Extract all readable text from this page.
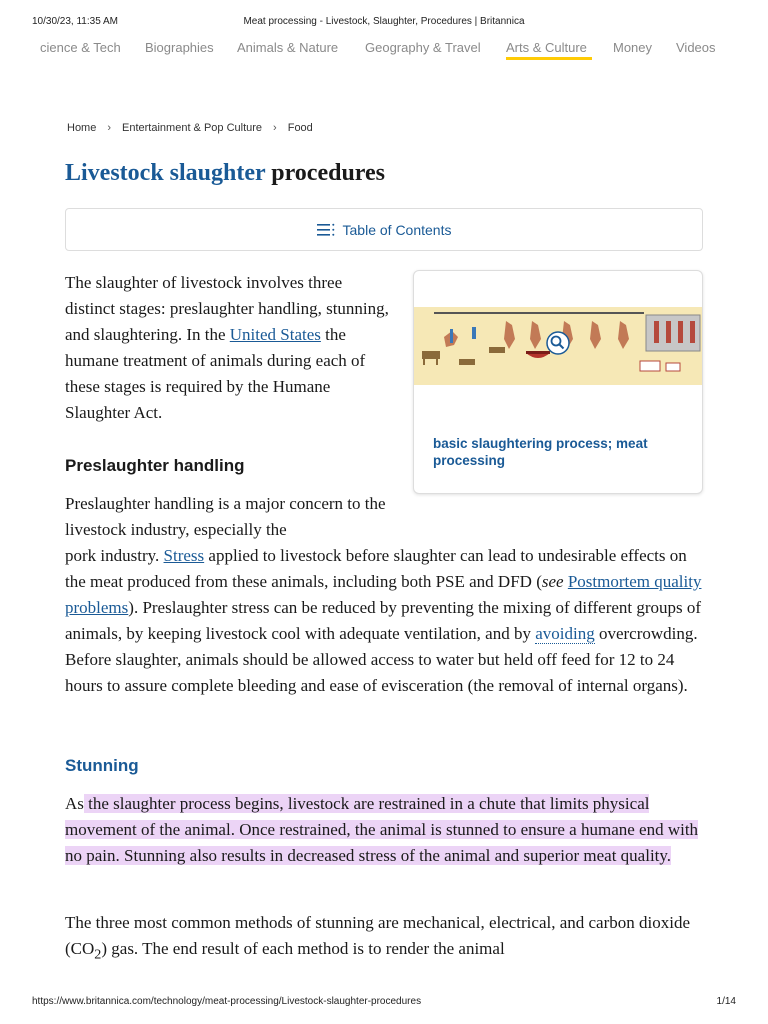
10/30/23, 11:35 AM	Meat processing - Livestock, Slaughter, Procedures | Britannica
cience & Tech Biographies Animals & Nature Geography & Travel Arts & Culture Money Videos
Home › Entertainment & Pop Culture › Food
Livestock slaughter procedures
Table of Contents

The slaughter of livestock involves three distinct stages: preslaughter handling, stunning, and slaughtering. In the United States the humane treatment of animals during each of these stages is required by the Humane Slaughter Act.

basic slaughtering process; meat processing
Preslaughter handling

Preslaughter handling is a major concern to the livestock industry, especially the
pork industry. Stress applied to livestock before slaughter can lead to undesirable effects on the meat produced from these animals, including both PSE and DFD (see Postmortem quality problems). Preslaughter stress can be reduced by preventing the mixing of different groups of animals, by keeping livestock cool with adequate ventilation, and by avoiding overcrowding. Before slaughter, animals should be allowed access to water but held off feed for 12 to 24 hours to assure complete bleeding and ease of evisceration (the removal of internal organs).

Stunning

As the slaughter process begins, livestock are restrained in a chute that limits physical movement of the animal. Once restrained, the animal is stunned to ensure a humane end with no pain. Stunning also results in decreased stress of the animal and superior meat quality.

The three most common methods of stunning are mechanical, electrical, and carbon dioxide $(CO_2)$ gas. The end result of each method is to render the animal

https://www.britannica.com/technology/meat-processing/Livestock-slaughter-procedures	1/14
